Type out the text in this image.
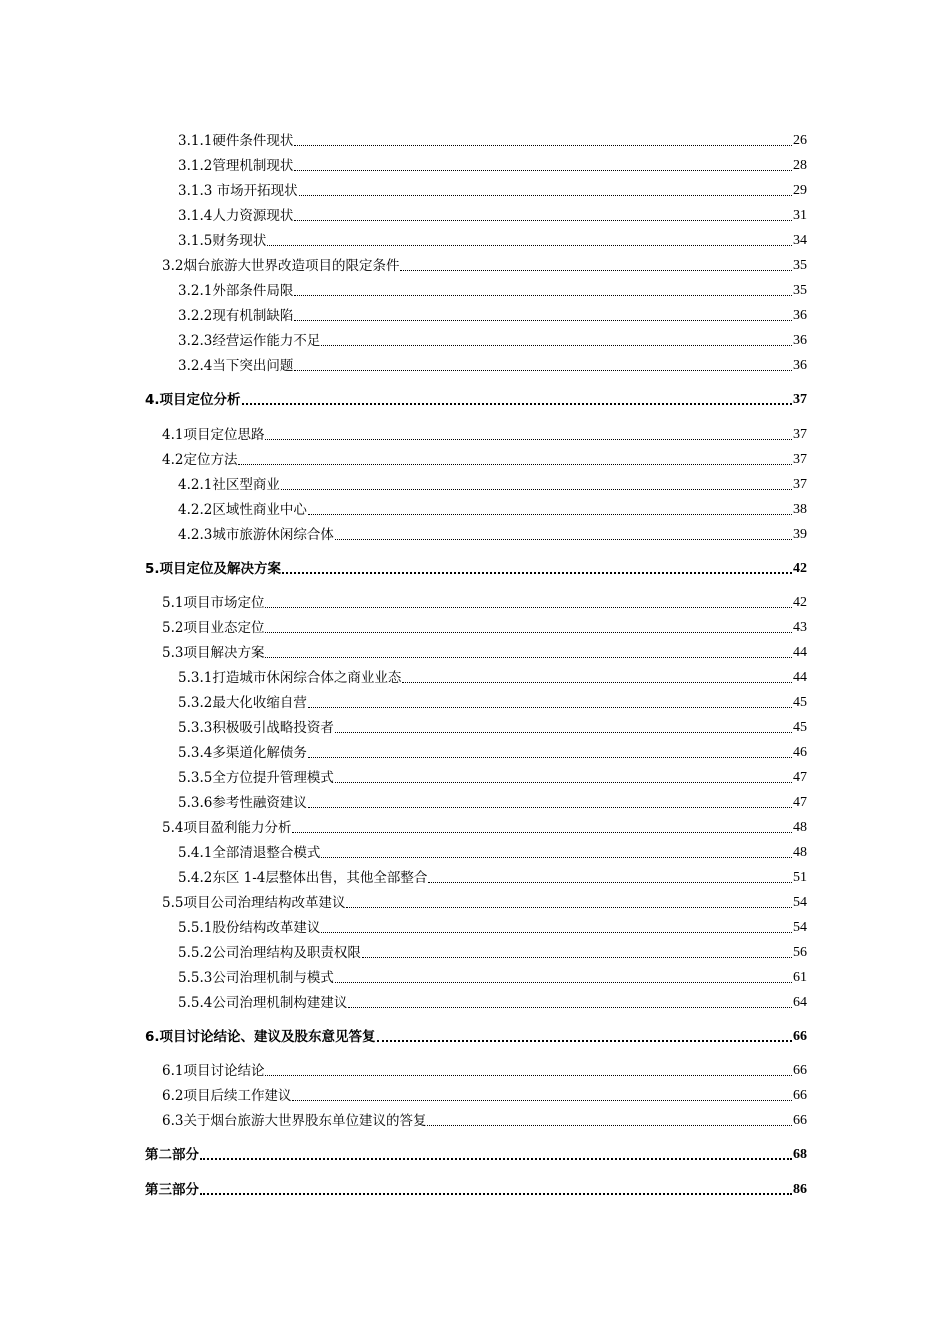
3.1.1硬件条件现状	26
3.1.2管理机制现状	28
3.1.3 市场开拓现状	29
3.1.4人力资源现状	31
3.1.5财务现状	34
3.2烟台旅游大世界改造项目的限定条件	35
3.2.1外部条件局限	35
3.2.2现有机制缺陷	36
3.2.3经营运作能力不足	36
3.2.4当下突出问题	36
4.项目定位分析	37
4.1项目定位思路	37
4.2定位方法	37
4.2.1社区型商业	37
4.2.2区域性商业中心	38
4.2.3城市旅游休闲综合体	39
5.项目定位及解决方案	42
5.1项目市场定位	42
5.2项目业态定位	43
5.3项目解决方案	44
5.3.1打造城市休闲综合体之商业业态	44
5.3.2最大化收缩自营	45
5.3.3积极吸引战略投资者	45
5.3.4多渠道化解债务	46
5.3.5全方位提升管理模式	47
5.3.6参考性融资建议	47
5.4项目盈利能力分析	48
5.4.1全部清退整合模式	48
5.4.2东区 1-4层整体出售，其他全部整合	51
5.5项目公司治理结构改革建议	54
5.5.1股份结构改革建议	54
5.5.2公司治理结构及职责权限	56
5.5.3公司治理机制与模式	61
5.5.4公司治理机制构建建议	64
6.项目讨论结论、建议及股东意见答复	66
6.1项目讨论结论	66
6.2项目后续工作建议	66
6.3关于烟台旅游大世界股东单位建议的答复	66
第二部分	68
第三部分	86
